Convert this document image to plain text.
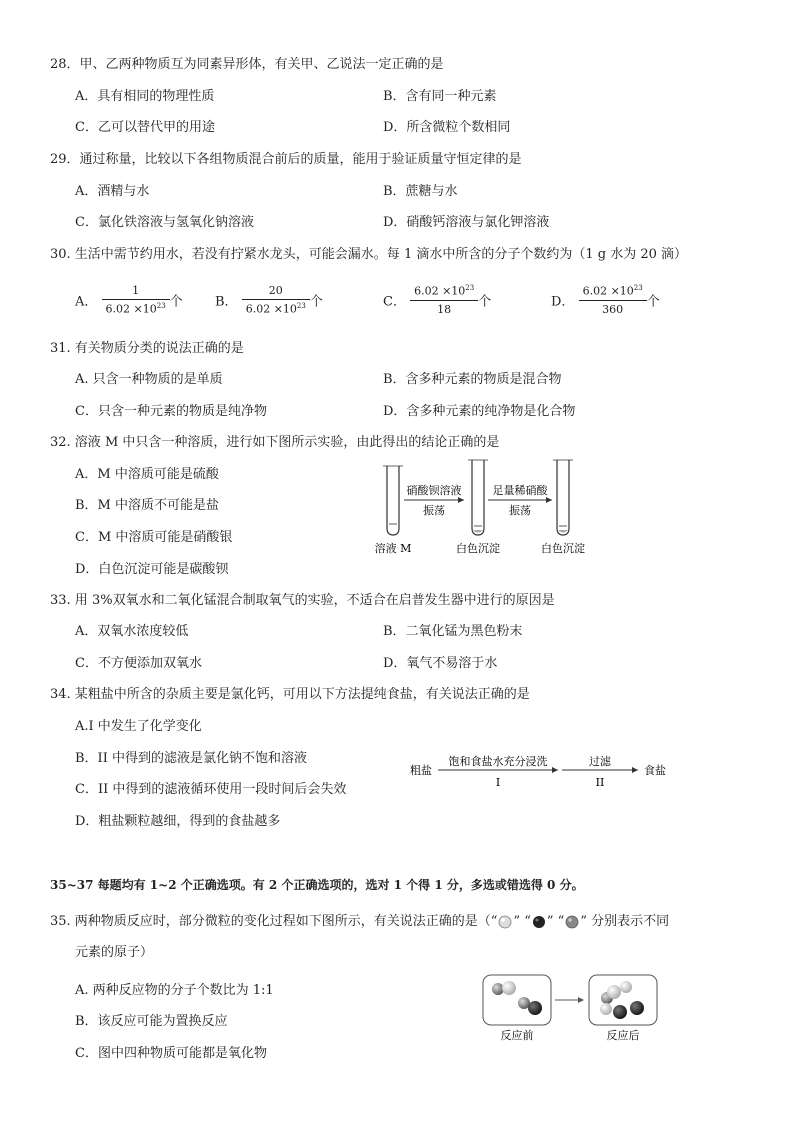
28．甲、乙两种物质互为同素异形体，有关甲、乙说法一定正确的是
A．具有相同的物理性质	B．含有同一种元素
C．乙可以替代甲的用途	D．所含微粒个数相同
29．通过称量，比较以下各组物质混合前后的质量，能用于验证质量守恒定律的是
A．酒精与水	B．蔗糖与水
C．氯化铁溶液与氢氧化钠溶液	D．硝酸钙溶液与氯化钾溶液
30. 生活中需节约用水，若没有拧紧水龙头，可能会漏水。每 1 滴水中所含的分子个数约为（1 g 水为 20 滴）
A． $\frac{1}{6.02 \times 10^{23}}$ 个 B． $\frac{20}{6.02 \times 10^{23}}$ 个	C． $\frac{6.02 \times 10^{23}}{18}$ 个	D． $\frac{6.02 \times 10^{23}}{360}$ 个
31. 有关物质分类的说法正确的是
A. 只含一种物质的是单质	B．含多种元素的物质是混合物
C．只含一种元素的物质是纯净物	D．含多种元素的纯净物是化合物
32. 溶液 M 中只含一种溶质，进行如下图所示实验，由此得出的结论正确的是
A．M 中溶质可能是硫酸
B．M 中溶质不可能是盐
C．M 中溶质可能是硝酸银
D．白色沉淀可能是碳酸钡
硝酸钡溶液
振荡
足量稀硝酸
振荡
溶液 M	白色沉淀	白色沉淀
33. 用 3%双氧水和二氧化锰混合制取氧气的实验，不适合在启普发生器中进行的原因是
A．双氧水浓度较低	B．二氧化锰为黑色粉末
C．不方便添加双氧水	D．氧气不易溶于水
34. 某粗盐中所含的杂质主要是氯化钙，可用以下方法提纯食盐，有关说法正确的是
A.I 中发生了化学变化
B．II 中得到的滤液是氯化钠不饱和溶液
C．II 中得到的滤液循环使用一段时间后会失效
D．粗盐颗粒越细，得到的食盐越多
粗盐
饱和食盐水充分浸洗
I
过滤
II
食盐
35~37 每题均有 1~2 个正确选项。有 2 个正确选项的，选对 1 个得 1 分，多选或错选得 0 分。
35. 两种物质反应时，部分微粒的变化过程如下图所示，有关说法正确的是（“ ” “ ” “ ” 分别表示不同
元素的原子）
A. 两种反应物的分子个数比为 1:1
B．该反应可能为置换反应
C．图中四种物质可能都是氧化物
反应前	反应后
